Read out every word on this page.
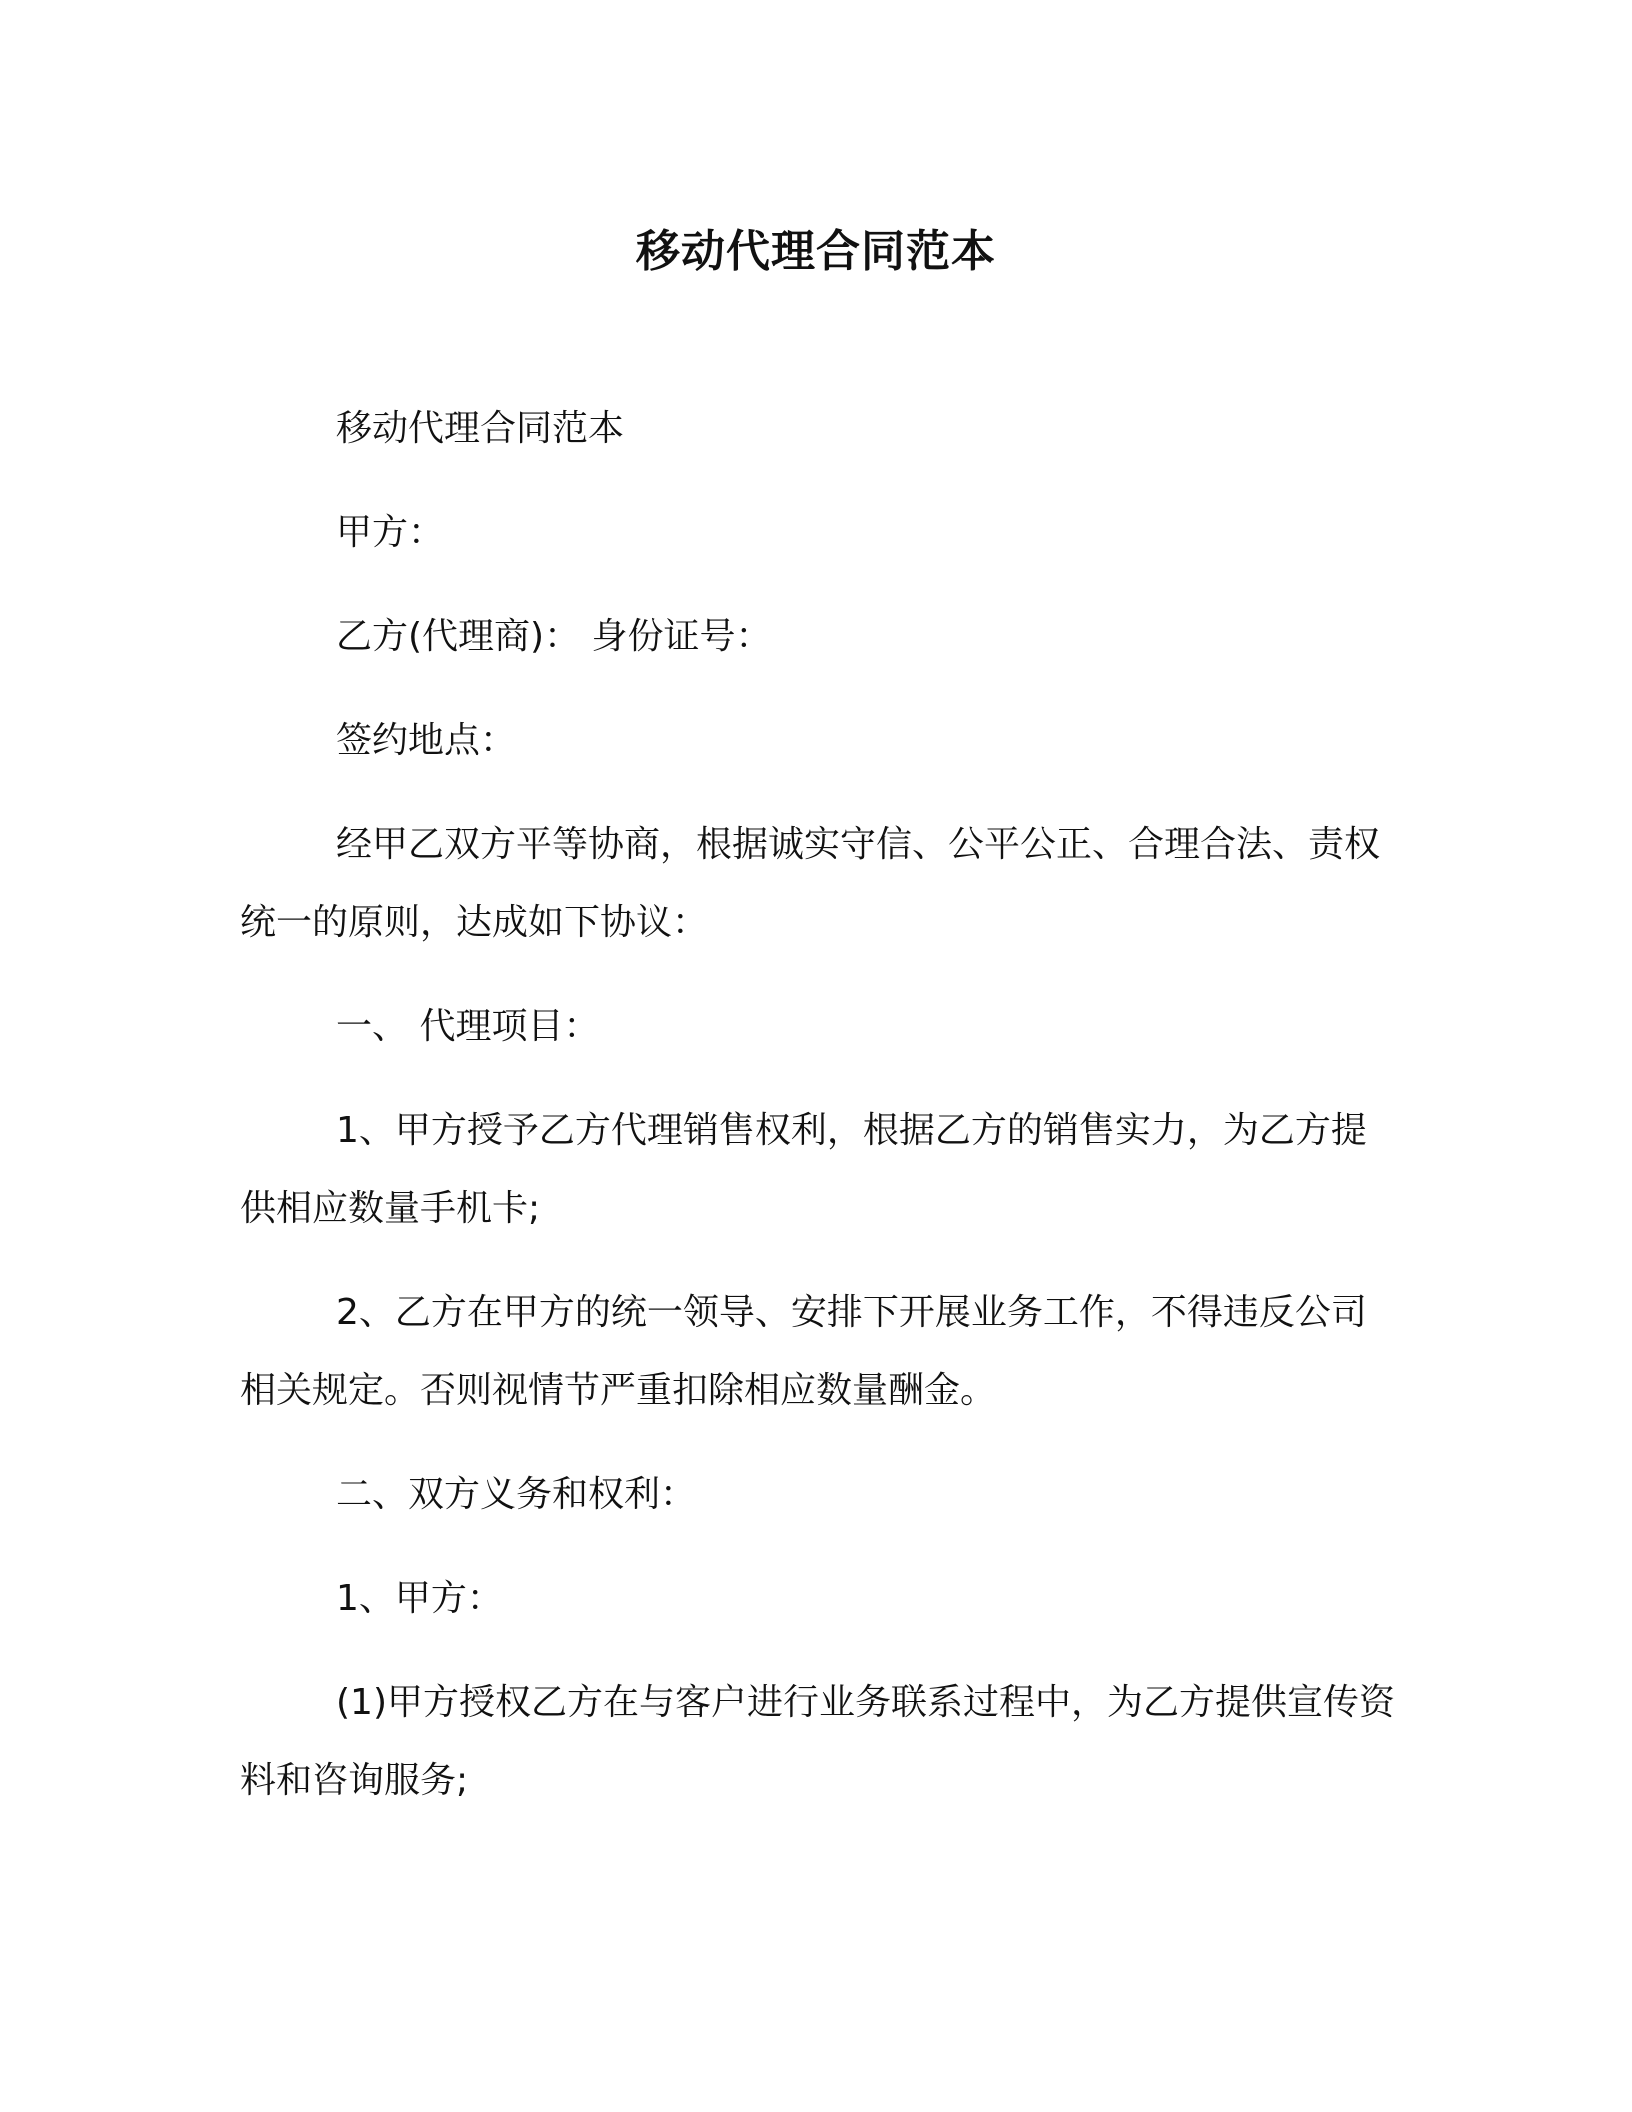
移动代理合同范本

移动代理合同范本

甲方：

乙方(代理商)： 身份证号：

签约地点：

经甲乙双方平等协商，根据诚实守信、公平公正、合理合法、责权统一的原则，达成如下协议：

一、 代理项目：

1、甲方授予乙方代理销售权利，根据乙方的销售实力，为乙方提供相应数量手机卡;

2、乙方在甲方的统一领导、安排下开展业务工作，不得违反公司相关规定。否则视情节严重扣除相应数量酬金。

二、双方义务和权利：

1、甲方：

(1)甲方授权乙方在与客户进行业务联系过程中，为乙方提供宣传资料和咨询服务;
